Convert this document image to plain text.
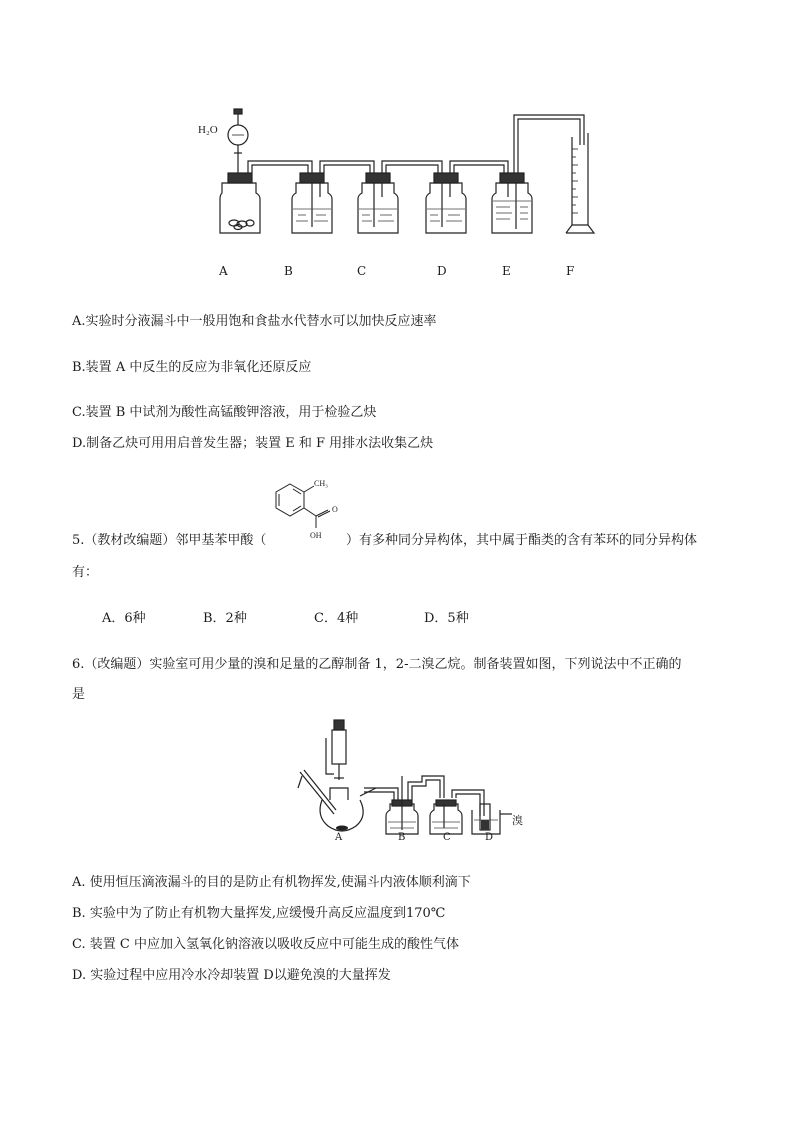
H₂O
A	B	C	D	E	F
A.实验时分液漏斗中一般用饱和食盐水代替水可以加快反应速率
B.装置 A 中反生的反应为非氧化还原反应
C.装置 B 中试剂为酸性高锰酸钾溶液，用于检验乙炔
D.制备乙炔可用用启普发生器；装置 E 和 F 用排水法收集乙炔
CH₃
O
OH
5.（教材改编题）邻甲基苯甲酸（	）有多种同分异构体，其中属于酯类的含有苯环的同分异构体
有：
A．6种	B．2种	C．4种	D．5种
6.（改编题）实验室可用少量的溴和足量的乙醇制备 1，2-二溴乙烷。制备装置如图，下列说法中不正确的
是
A	B	C	D
溴
A. 使用恒压滴液漏斗的目的是防止有机物挥发,使漏斗内液体顺利滴下
B. 实验中为了防止有机物大量挥发,应缓慢升高反应温度到170℃
C. 装置 C 中应加入氢氧化钠溶液以吸收反应中可能生成的酸性气体
D. 实验过程中应用冷水冷却装置 D以避免溴的大量挥发
